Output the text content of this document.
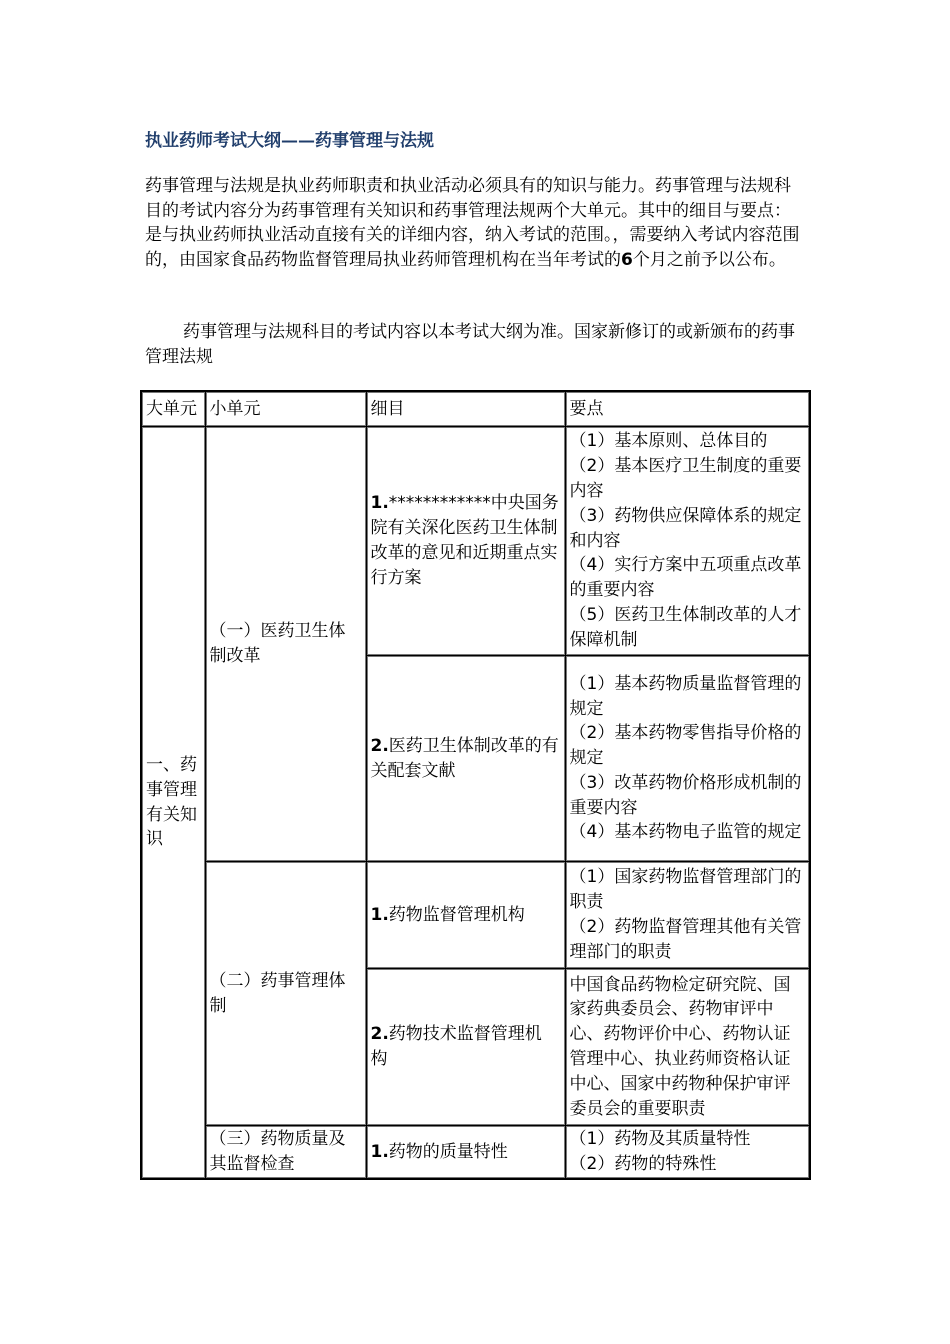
执业药师考试大纲——药事管理与法规

药事管理与法规是执业药师职责和执业活动必须具有的知识与能力。药事管理与法规科目的考试内容分为药事管理有关知识和药事管理法规两个大单元。其中的细目与要点：是与执业药师执业活动直接有关的详细内容，纳入考试的范围。，需要纳入考试内容范围的，由国家食品药物监督管理局执业药师管理机构在当年考试的6个月之前予以公布。

药事管理与法规科目的考试内容以本考试大纲为准。国家新修订的或新颁布的药事管理法规

大单元	小单元	细目	要点
一、药事管理有关知识	（一）医药卫生体制改革	1.************中央国务院有关深化医药卫生体制改革的意见和近期重点实行方案	（1）基本原则、总体目的
（2）基本医疗卫生制度的重要内容
（3）药物供应保障体系的规定和内容
（4）实行方案中五项重点改革的重要内容
（5）医药卫生体制改革的人才保障机制

		2.医药卫生体制改革的有关配套文献	（1）基本药物质量监督管理的规定
（2）基本药物零售指导价格的规定
（3）改革药物价格形成机制的重要内容
（4）基本药物电子监管的规定

	（二）药事管理体制	1.药物监督管理机构	（1）国家药物监督管理部门的职责
（2）药物监督管理其他有关管理部门的职责

		2.药物技术监督管理机
构	中国食品药物检定研究院、国家药典委员会、药物审评中心、药物评价中心、药物认证管理中心、执业药师资格认证中心、国家中药物种保护审评委员会的重要职责
	（三）药物质量及其监督检查	1.药物的质量特性	（1）药物及其质量特性
（2）药物的特殊性
